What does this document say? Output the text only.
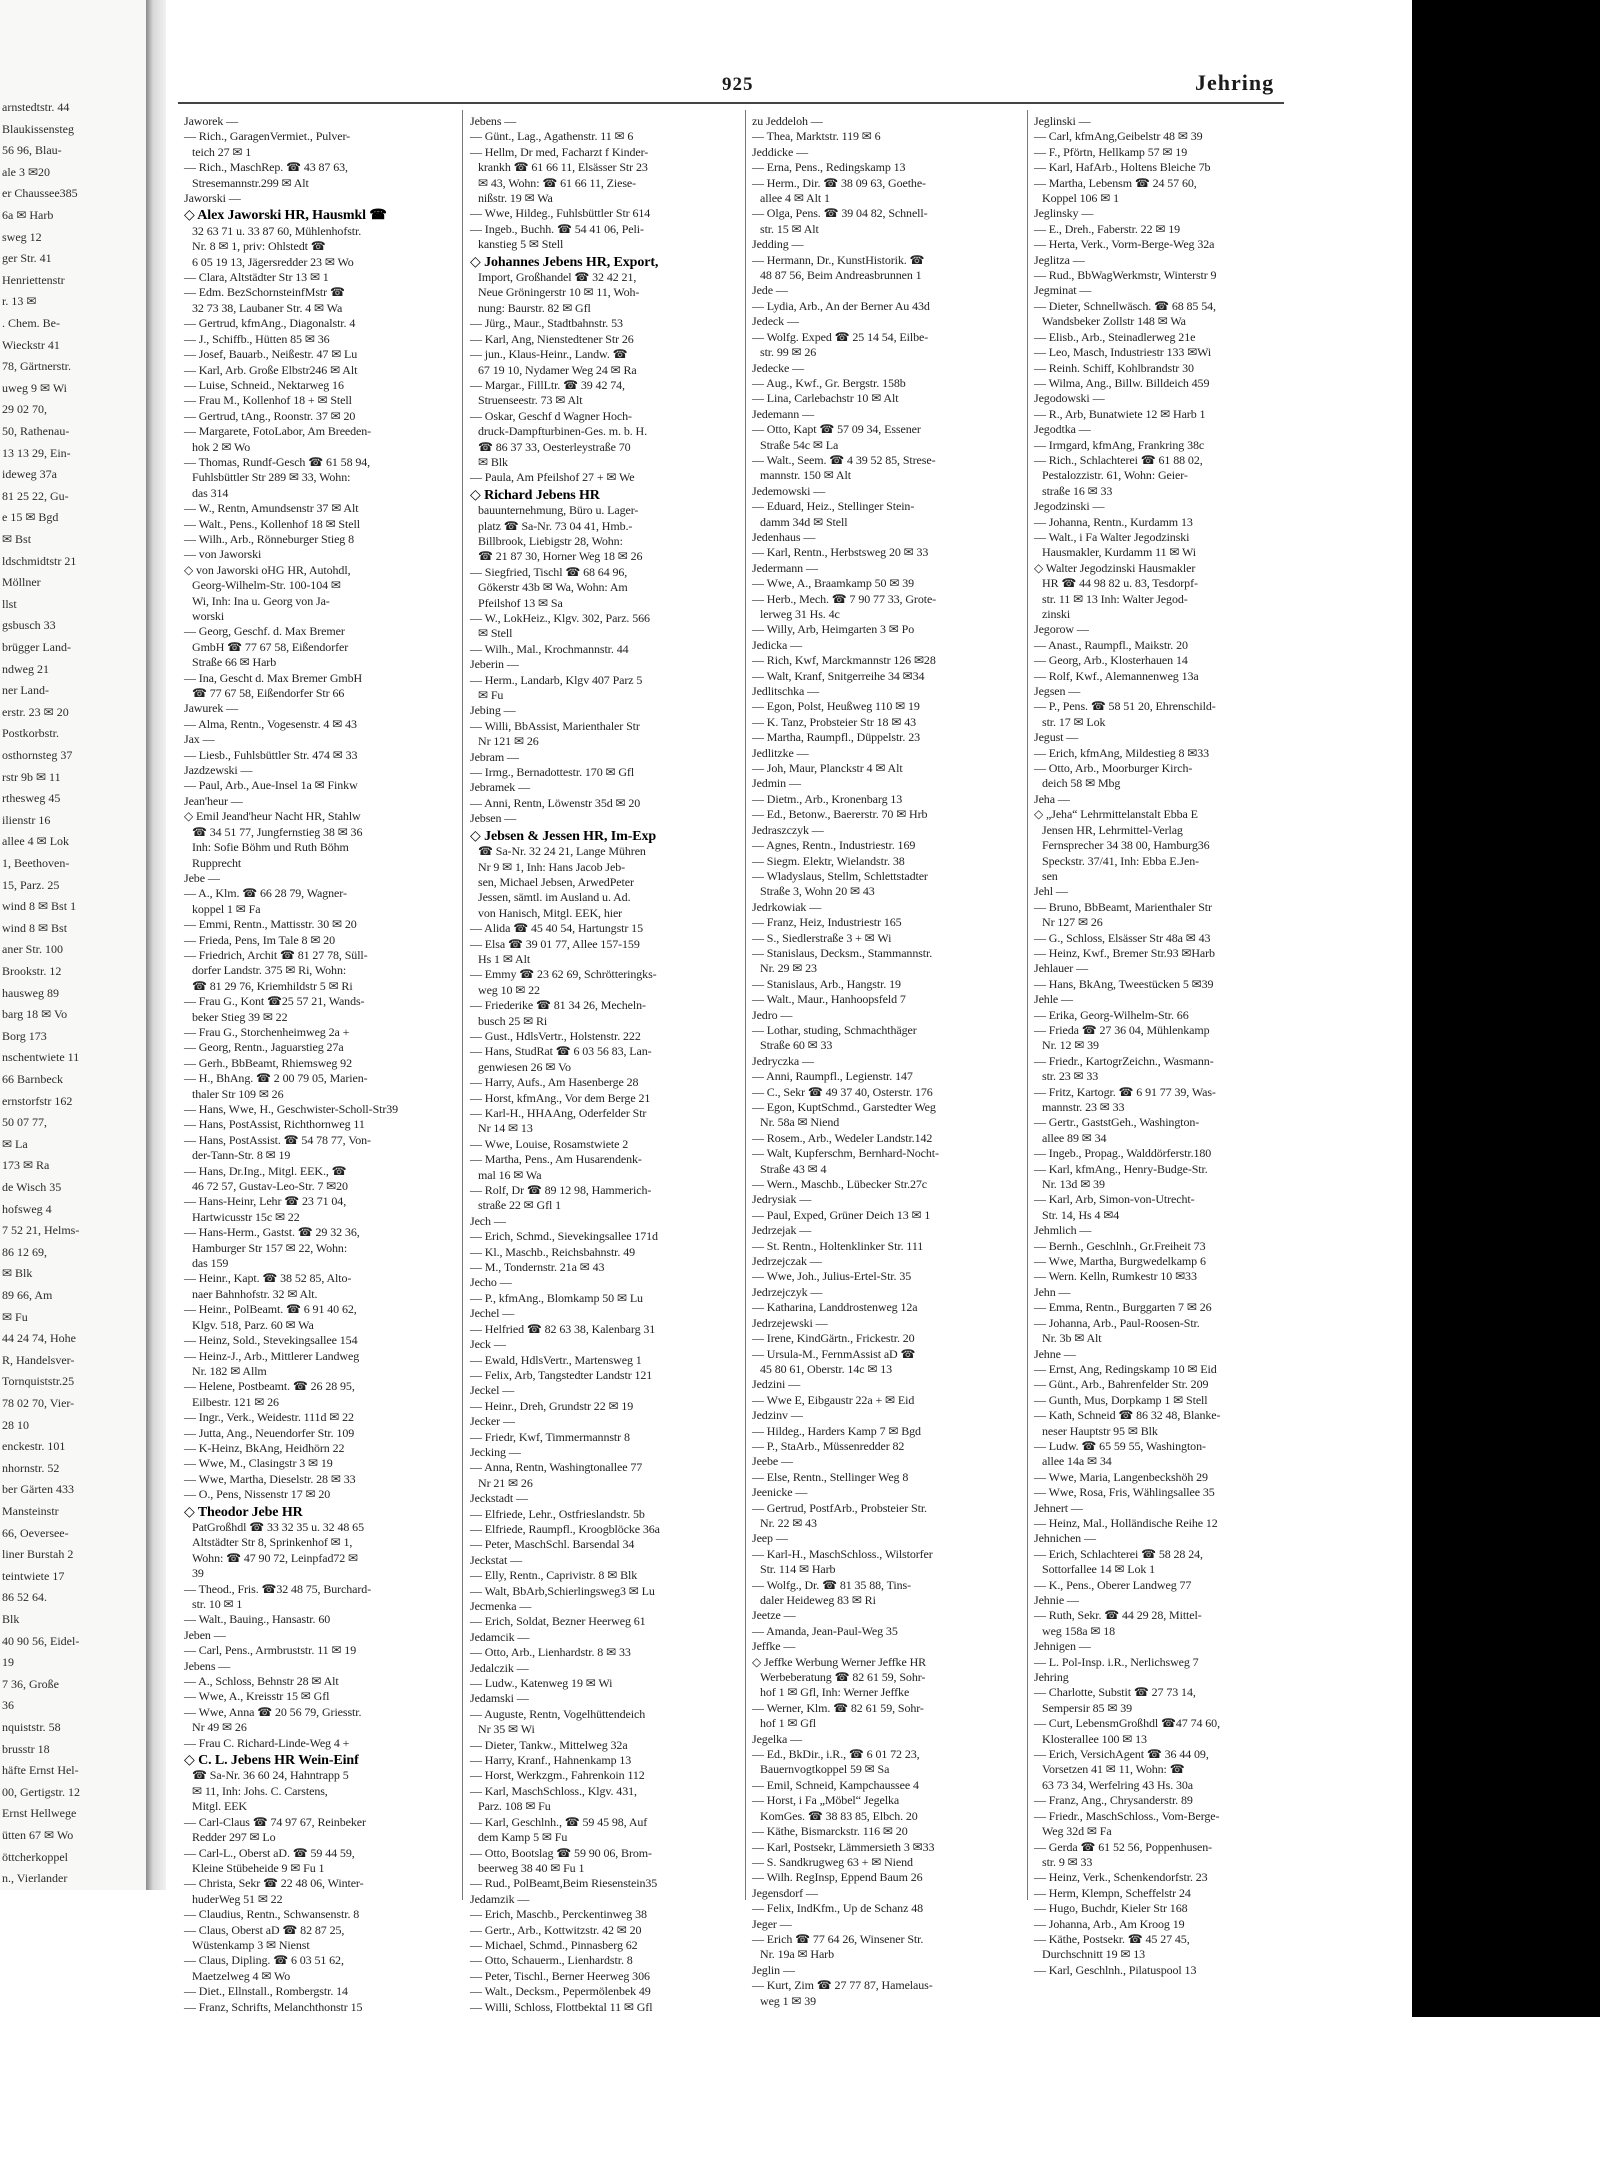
arnstedtstr. 44
Blaukissensteg
56 96, Blau-
ale 3 ✉20
er Chaussee385
6a ✉ Harb
sweg 12
ger Str. 41
Henriettenstr
r. 13 ✉
. Chem. Be-
Wieckstr 41
78, Gärtnerstr.
uweg 9 ✉ Wi
29 02 70,
50, Rathenau-
13 13 29, Ein-
ideweg 37a
81 25 22, Gu-
e 15 ✉ Bgd
✉ Bst
ldschmidtstr 21
Möllner
llst
gsbusch 33
brügger Land-
ndweg 21
ner Land-
erstr. 23 ✉ 20
Postkorbstr.
osthornsteg 37
rstr 9b ✉ 11
rthesweg 45
ilienstr 16
allee 4 ✉ Lok
1, Beethoven-
15, Parz. 25
wind 8 ✉ Bst 1
wind 8 ✉ Bst
aner Str. 100
Brookstr. 12
hausweg 89
barg 18 ✉ Vo
Borg 173
nschentwiete 11
66 Barnbeck
ernstorfstr 162
50 07 77,
✉ La
173 ✉ Ra
de Wisch 35
hofsweg 4
7 52 21, Helms-
86 12 69,
✉ Blk
89 66, Am
✉ Fu
44 24 74, Hohe
R, Handelsver-
Tornquiststr.25
78 02 70, Vier-
28 10
enckestr. 101
nhornstr. 52
ber Gärten 433
Mansteinstr
66, Oeversee-
liner Burstah 2
teintwiete 17
86 52 64.
Blk
40 90 56, Eidel-
19
7 36, Große
36
nquiststr. 58
brusstr 18
häfte Ernst Hel-
00, Gertigstr. 12
Ernst Hellwege
ütten 67 ✉ Wo
öttcherkoppel
n., Vierlander
925	Jehring

Jaworek —

— Rich., GaragenVermiet., Pulver-

teich 27 ✉ 1

— Rich., MaschRep. ☎ 43 87 63,

Stresemannstr.299 ✉ Alt

Jaworski —

◇ Alex Jaworski HR, Hausmkl ☎

32 63 71 u. 33 87 60, Mühlenhofstr.

Nr. 8 ✉ 1, priv: Ohlstedt ☎

6 05 19 13, Jägersredder 23 ✉ Wo

— Clara, Altstädter Str 13 ✉ 1

— Edm. BezSchornsteinfMstr ☎

32 73 38, Laubaner Str. 4 ✉ Wa

— Gertrud, kfmAng., Diagonalstr. 4

— J., Schiffb., Hütten 85 ✉ 36

— Josef, Bauarb., Neißestr. 47 ✉ Lu

— Karl, Arb. Große Elbstr246 ✉ Alt

— Luise, Schneid., Nektarweg 16

— Frau M., Kollenhof 18 + ✉ Stell

— Gertrud, tAng., Roonstr. 37 ✉ 20

— Margarete, FotoLabor, Am Breeden-

hok 2 ✉ Wo

— Thomas, Rundf-Gesch ☎ 61 58 94,

Fuhlsbüttler Str 289 ✉ 33, Wohn:

das 314

— W., Rentn, Amundsenstr 37 ✉ Alt

— Walt., Pens., Kollenhof 18 ✉ Stell

— Wilh., Arb., Rönneburger Stieg 8

— von Jaworski

◇ von Jaworski oHG HR, Autohdl,

Georg-Wilhelm-Str. 100-104 ✉

Wi, Inh: Ina u. Georg von Ja-

worski

— Georg, Geschf. d. Max Bremer

GmbH ☎ 77 67 58, Eißendorfer

Straße 66 ✉ Harb

— Ina, Gescht d. Max Bremer GmbH

☎ 77 67 58, Eißendorfer Str 66

Jawurek —

— Alma, Rentn., Vogesenstr. 4 ✉ 43

Jax —

— Liesb., Fuhlsbüttler Str. 474 ✉ 33

Jazdzewski —

— Paul, Arb., Aue-Insel 1a ✉ Finkw

Jean'heur —

◇ Emil Jeand'heur Nacht HR, Stahlw

☎ 34 51 77, Jungfernstieg 38 ✉ 36

Inh: Sofie Böhm und Ruth Böhm

Rupprecht

Jebe —

— A., Klm. ☎ 66 28 79, Wagner-

koppel 1 ✉ Fa

— Emmi, Rentn., Mattisstr. 30 ✉ 20

— Frieda, Pens, Im Tale 8 ✉ 20

— Friedrich, Archit ☎ 81 27 78, Süll-

dorfer Landstr. 375 ✉ Ri, Wohn:

☎ 81 29 76, Kriemhildstr 5 ✉ Ri

— Frau G., Kont ☎25 57 21, Wands-

beker Stieg 39 ✉ 22

— Frau G., Storchenheimweg 2a +

— Georg, Rentn., Jaguarstieg 27a

— Gerh., BbBeamt, Rhiemsweg 92

— H., BhAng. ☎ 2 00 79 05, Marien-

thaler Str 109 ✉ 26

— Hans, Wwe, H., Geschwister-Scholl-Str39

— Hans, PostAssist, Richthornweg 11

— Hans, PostAssist. ☎ 54 78 77, Von-

der-Tann-Str. 8 ✉ 19

— Hans, Dr.Ing., Mitgl. EEK., ☎

46 72 57, Gustav-Leo-Str. 7 ✉20

— Hans-Heinr, Lehr ☎ 23 71 04,

Hartwicusstr 15c ✉ 22

— Hans-Herm., Gastst. ☎ 29 32 36,

Hamburger Str 157 ✉ 22, Wohn:

das 159

— Heinr., Kapt. ☎ 38 52 85, Alto-

naer Bahnhofstr. 32 ✉ Alt.

— Heinr., PolBeamt. ☎ 6 91 40 62,

Klgv. 518, Parz. 60 ✉ Wa

— Heinz, Sold., Stevekingsallee 154

— Heinz-J., Arb., Mittlerer Landweg

Nr. 182 ✉ Allm

— Helene, Postbeamt. ☎ 26 28 95,

Eilbestr. 121 ✉ 26

— Ingr., Verk., Weidestr. 111d ✉ 22

— Jutta, Ang., Neuendorfer Str. 109

— K-Heinz, BkAng, Heidhörn 22

— Wwe, M., Clasingstr 3 ✉ 19

— Wwe, Martha, Dieselstr. 28 ✉ 33

— O., Pens, Nissenstr 17 ✉ 20

◇ Theodor Jebe HR

PatGroßhdl ☎ 33 32 35 u. 32 48 65

Altstädter Str 8, Sprinkenhof ✉ 1,

Wohn: ☎ 47 90 72, Leinpfad72 ✉

39

— Theod., Fris. ☎32 48 75, Burchard-

str. 10 ✉ 1

— Walt., Bauing., Hansastr. 60

Jeben —

— Carl, Pens., Armbruststr. 11 ✉ 19

Jebens —

— A., Schloss, Behnstr 28 ✉ Alt

— Wwe, A., Kreisstr 15 ✉ Gfl

— Wwe, Anna ☎ 20 56 79, Griesstr.

Nr 49 ✉ 26

— Frau C. Richard-Linde-Weg 4 +

◇ C. L. Jebens HR Wein-Einf

☎ Sa-Nr. 36 60 24, Hahntrapp 5

✉ 11, Inh: Johs. C. Carstens,

Mitgl. EEK

— Carl-Claus ☎ 74 97 67, Reinbeker

Redder 297 ✉ Lo

— Carl-L., Oberst aD. ☎ 59 44 59,

Kleine Stübeheide 9 ✉ Fu 1

— Christa, Sekr ☎ 22 48 06, Winter-

huderWeg 51 ✉ 22

— Claudius, Rentn., Schwansenstr. 8

— Claus, Oberst aD ☎ 82 87 25,

Wüstenkamp 3 ✉ Nienst

— Claus, Dipling. ☎ 6 03 51 62,

Maetzelweg 4 ✉ Wo

— Diet., Ellnstall., Rombergstr. 14

— Franz, Schrifts, Melanchthonstr 15

Jebens —

— Günt., Lag., Agathenstr. 11 ✉ 6

— Hellm, Dr med, Facharzt f Kinder-

krankh ☎ 61 66 11, Elsässer Str 23

✉ 43, Wohn: ☎ 61 66 11, Ziese-

nißstr. 19 ✉ Wa

— Wwe, Hildeg., Fuhlsbüttler Str 614

— Ingeb., Buchh. ☎ 54 41 06, Peli-

kanstieg 5 ✉ Stell

◇ Johannes Jebens HR, Export,

Import, Großhandel ☎ 32 42 21,

Neue Gröningerstr 10 ✉ 11, Woh-

nung: Baurstr. 82 ✉ Gfl

— Jürg., Maur., Stadtbahnstr. 53

— Karl, Ang, Nienstedtener Str 26

— jun., Klaus-Heinr., Landw. ☎

67 19 10, Nydamer Weg 24 ✉ Ra

— Margar., FillLtr. ☎ 39 42 74,

Struenseestr. 73 ✉ Alt

— Oskar, Geschf d Wagner Hoch-

druck-Dampfturbinen-Ges. m. b. H.

☎ 86 37 33, Oesterleystraße 70

✉ Blk

— Paula, Am Pfeilshof 27 + ✉ We

◇ Richard Jebens HR

bauunternehmung, Büro u. Lager-

platz ☎ Sa-Nr. 73 04 41, Hmb.-

Billbrook, Liebigstr 28, Wohn:

☎ 21 87 30, Horner Weg 18 ✉ 26

— Siegfried, Tischl ☎ 68 64 96,

Gökerstr 43b ✉ Wa, Wohn: Am

Pfeilshof 13 ✉ Sa

— W., LokHeiz., Klgv. 302, Parz. 566

✉ Stell

— Wilh., Mal., Krochmannstr. 44

Jeberin —

— Herm., Landarb, Klgv 407 Parz 5

✉ Fu

Jebing —

— Willi, BbAssist, Marienthaler Str

Nr 121 ✉ 26

Jebram —

— Irmg., Bernadottestr. 170 ✉ Gfl

Jebramek —

— Anni, Rentn, Löwenstr 35d ✉ 20

Jebsen —

◇ Jebsen & Jessen HR, Im-Exp

☎ Sa-Nr. 32 24 21, Lange Mühren

Nr 9 ✉ 1, Inh: Hans Jacob Jeb-

sen, Michael Jebsen, ArwedPeter

Jessen, sämtl. im Ausland u. Ad.

von Hanisch, Mitgl. EEK, hier

— Alida ☎ 45 40 54, Hartungstr 15

— Elsa ☎ 39 01 77, Allee 157-159

Hs 1 ✉ Alt

— Emmy ☎ 23 62 69, Schrötteringks-

weg 10 ✉ 22

— Friederike ☎ 81 34 26, Mecheln-

busch 25 ✉ Ri

— Gust., HdlsVertr., Holstenstr. 222

— Hans, StudRat ☎ 6 03 56 83, Lan-

genwiesen 26 ✉ Vo

— Harry, Aufs., Am Hasenberge 28

— Horst, kfmAng., Vor dem Berge 21

— Karl-H., HHAAng, Oderfelder Str

Nr 14 ✉ 13

— Wwe, Louise, Rosamstwiete 2

— Martha, Pens., Am Husarendenk-

mal 16 ✉ Wa

— Rolf, Dr ☎ 89 12 98, Hammerich-

straße 22 ✉ Gfl 1

Jech —

— Erich, Schmd., Sievekingsallee 171d

— Kl., Maschb., Reichsbahnstr. 49

— M., Tondernstr. 21a ✉ 43

Jecho —

— P., kfmAng., Blomkamp 50 ✉ Lu

Jechel —

— Helfried ☎ 82 63 38, Kalenbarg 31

Jeck —

— Ewald, HdlsVertr., Martensweg 1

— Felix, Arb, Tangstedter Landstr 121

Jeckel —

— Heinr., Dreh, Grundstr 22 ✉ 19

Jecker —

— Friedr, Kwf, Timmermannstr 8

Jecking —

— Anna, Rentn, Washingtonallee 77

Nr 21 ✉ 26

Jeckstadt —

— Elfriede, Lehr., Ostfrieslandstr. 5b

— Elfriede, Raumpfl., Kroogblöcke 36a

— Peter, MaschSchl. Barsendal 34

Jeckstat —

— Elly, Rentn., Caprivistr. 8 ✉ Blk

— Walt, BbArb,Schierlingsweg3 ✉ Lu

Jecmenka —

— Erich, Soldat, Bezner Heerweg 61

Jedamcik —

— Otto, Arb., Lienhardstr. 8 ✉ 33

Jedalczik —

— Ludw., Katenweg 19 ✉ Wi

Jedamski —

— Auguste, Rentn, Vogelhüttendeich

Nr 35 ✉ Wi

— Dieter, Tankw., Mittelweg 32a

— Harry, Kranf., Hahnenkamp 13

— Horst, Werkzgm., Fahrenkoin 112

— Karl, MaschSchloss., Klgv. 431,

Parz. 108 ✉ Fu

— Karl, Geschlnh., ☎ 59 45 98, Auf

dem Kamp 5 ✉ Fu

— Otto, Bootslag ☎ 59 90 06, Brom-

beerweg 38 40 ✉ Fu 1

— Rud., PolBeamt,Beim Riesenstein35

Jedamzik —

— Erich, Maschb., Perckentinweg 38

— Gertr., Arb., Kottwitzstr. 42 ✉ 20

— Michael, Schmd., Pinnasberg 62

— Otto, Schauerm., Lienhardstr. 8

— Peter, Tischl., Berner Heerweg 306

— Walt., Decksm., Pepermölenbek 49

— Willi, Schloss, Flottbektal 11 ✉ Gfl

zu Jeddeloh —

— Thea, Marktstr. 119 ✉ 6

Jeddicke —

— Erna, Pens., Redingskamp 13

— Herm., Dir. ☎ 38 09 63, Goethe-

allee 4 ✉ Alt 1

— Olga, Pens. ☎ 39 04 82, Schnell-

str. 15 ✉ Alt

Jedding —

— Hermann, Dr., KunstHistorik. ☎

48 87 56, Beim Andreasbrunnen 1

Jede —

— Lydia, Arb., An der Berner Au 43d

Jedeck —

— Wolfg. Exped ☎ 25 14 54, Eilbe-

str. 99 ✉ 26

Jedecke —

— Aug., Kwf., Gr. Bergstr. 158b

— Lina, Carlebachstr 10 ✉ Alt

Jedemann —

— Otto, Kapt ☎ 57 09 34, Essener

Straße 54c ✉ La

— Walt., Seem. ☎ 4 39 52 85, Strese-

mannstr. 150 ✉ Alt

Jedemowski —

— Eduard, Heiz., Stellinger Stein-

damm 34d ✉ Stell

Jedenhaus —

— Karl, Rentn., Herbstsweg 20 ✉ 33

Jedermann —

— Wwe, A., Braamkamp 50 ✉ 39

— Herb., Mech. ☎ 7 90 77 33, Grote-

lerweg 31 Hs. 4c

— Willy, Arb, Heimgarten 3 ✉ Po

Jedicka —

— Rich, Kwf, Marckmannstr 126 ✉28

— Walt, Kranf, Snitgerreihe 34 ✉34

Jedlitschka —

— Egon, Polst, Heußweg 110 ✉ 19

— K. Tanz, Probsteier Str 18 ✉ 43

— Martha, Raumpfl., Düppelstr. 23

Jedlitzke —

— Joh, Maur, Planckstr 4 ✉ Alt

Jedmin —

— Dietm., Arb., Kronenbarg 13

— Ed., Betonw., Baererstr. 70 ✉ Hrb

Jedraszczyk —

— Agnes, Rentn., Industriestr. 169

— Siegm. Elektr, Wielandstr. 38

— Wladyslaus, Stellm, Schlettstadter

Straße 3, Wohn 20 ✉ 43

Jedrkowiak —

— Franz, Heiz, Industriestr 165

— S., Siedlerstraße 3 + ✉ Wi

— Stanislaus, Decksm., Stammannstr.

Nr. 29 ✉ 23

— Stanislaus, Arb., Hangstr. 19

— Walt., Maur., Hanhoopsfeld 7

Jedro —

— Lothar, studing, Schmachthäger

Straße 60 ✉ 33

Jedryczka —

— Anni, Raumpfl., Legienstr. 147

— C., Sekr ☎ 49 37 40, Osterstr. 176

— Egon, KuptSchmd., Garstedter Weg

Nr. 58a ✉ Niend

— Rosem., Arb., Wedeler Landstr.142

— Walt, Kupferschm, Bernhard-Nocht-

Straße 43 ✉ 4

— Wern., Maschb., Lübecker Str.27c

Jedrysiak —

— Paul, Exped, Grüner Deich 13 ✉ 1

Jedrzejak —

— St. Rentn., Holtenklinker Str. 111

Jedrzejczak —

— Wwe, Joh., Julius-Ertel-Str. 35

Jedrzejczyk —

— Katharina, Landdrostenweg 12a

Jedrzejewski —

— Irene, KindGärtn., Frickestr. 20

— Ursula-M., FernmAssist aD ☎

45 80 61, Oberstr. 14c ✉ 13

Jedzini —

— Wwe E, Eibgaustr 22a + ✉ Eid

Jedzinv —

— Hildeg., Harders Kamp 7 ✉ Bgd

— P., StaArb., Müssenredder 82

Jeebe —

— Else, Rentn., Stellinger Weg 8

Jeenicke —

— Gertrud, PostfArb., Probsteier Str.

Nr. 22 ✉ 43

Jeep —

— Karl-H., MaschSchloss., Wilstorfer

Str. 114 ✉ Harb

— Wolfg., Dr. ☎ 81 35 88, Tins-

daler Heideweg 83 ✉ Ri

Jeetze —

— Amanda, Jean-Paul-Weg 35

Jeffke —

◇ Jeffke Werbung Werner Jeffke HR

Werbeberatung ☎ 82 61 59, Sohr-

hof 1 ✉ Gfl, Inh: Werner Jeffke

— Werner, Klm. ☎ 82 61 59, Sohr-

hof 1 ✉ Gfl

Jegelka —

— Ed., BkDir., i.R., ☎ 6 01 72 23,

Bauernvogtkoppel 59 ✉ Sa

— Emil, Schneid, Kampchaussee 4

— Horst, i Fa „Möbel“ Jegelka

KomGes. ☎ 38 83 85, Elbch. 20

— Käthe, Bismarckstr. 116 ✉ 20

— Karl, Postsekr, Lämmersieth 3 ✉33

— S. Sandkrugweg 63 + ✉ Niend

— Wilh. RegInsp, Eppend Baum 26

Jegensdorf —

— Felix, IndKfm., Up de Schanz 48

Jeger —

— Erich ☎ 77 64 26, Winsener Str.

Nr. 19a ✉ Harb

Jeglin —

— Kurt, Zim ☎ 27 77 87, Hamelaus-

weg 1 ✉ 39

Jeglinski —

— Carl, kfmAng,Geibelstr 48 ✉ 39

— F., Pförtn, Hellkamp 57 ✉ 19

— Karl, HafArb., Holtens Bleiche 7b

— Martha, Lebensm ☎ 24 57 60,

Koppel 106 ✉ 1

Jeglinsky —

— E., Dreh., Faberstr. 22 ✉ 19

— Herta, Verk., Vorm-Berge-Weg 32a

Jeglitza —

— Rud., BbWagWerkmstr, Winterstr 9

Jegminat —

— Dieter, Schnellwäsch. ☎ 68 85 54,

Wandsbeker Zollstr 148 ✉ Wa

— Elisb., Arb., Steinadlerweg 21e

— Leo, Masch, Industriestr 133 ✉Wi

— Reinh. Schiff, Kohlbrandstr 30

— Wilma, Ang., Billw. Billdeich 459

Jegodowski —

— R., Arb, Bunatwiete 12 ✉ Harb 1

Jegodtka —

— Irmgard, kfmAng, Frankring 38c

— Rich., Schlachterei ☎ 61 88 02,

Pestalozzistr. 61, Wohn: Geier-

straße 16 ✉ 33

Jegodzinski —

— Johanna, Rentn., Kurdamm 13

— Walt., i Fa Walter Jegodzinski

Hausmakler, Kurdamm 11 ✉ Wi

◇ Walter Jegodzinski Hausmakler

HR ☎ 44 98 82 u. 83, Tesdorpf-

str. 11 ✉ 13 Inh: Walter Jegod-

zinski

Jegorow —

— Anast., Raumpfl., Maikstr. 20

— Georg, Arb., Klosterhauen 14

— Rolf, Kwf., Alemannenweg 13a

Jegsen —

— P., Pens. ☎ 58 51 20, Ehrenschild-

str. 17 ✉ Lok

Jegust —

— Erich, kfmAng, Mildestieg 8 ✉33

— Otto, Arb., Moorburger Kirch-

deich 58 ✉ Mbg

Jeha —

◇ „Jeha“ Lehrmittelanstalt Ebba E

Jensen HR, Lehrmittel-Verlag

Fernsprecher 34 38 00, Hamburg36

Speckstr. 37/41, Inh: Ebba E.Jen-

sen

Jehl —

— Bruno, BbBeamt, Marienthaler Str

Nr 127 ✉ 26

— G., Schloss, Elsässer Str 48a ✉ 43

— Heinz, Kwf., Bremer Str.93 ✉Harb

Jehlauer —

— Hans, BkAng, Tweestücken 5 ✉39

Jehle —

— Erika, Georg-Wilhelm-Str. 66

— Frieda ☎ 27 36 04, Mühlenkamp

Nr. 12 ✉ 39

— Friedr., KartogrZeichn., Wasmann-

str. 23 ✉ 33

— Fritz, Kartogr. ☎ 6 91 77 39, Was-

mannstr. 23 ✉ 33

— Gertr., GaststGeh., Washington-

allee 89 ✉ 34

— Ingeb., Propag., Walddörferstr.180

— Karl, kfmAng., Henry-Budge-Str.

Nr. 13d ✉ 39

— Karl, Arb, Simon-von-Utrecht-

Str. 14, Hs 4 ✉4

Jehmlich —

— Bernh., Geschlnh., Gr.Freiheit 73

— Wwe, Martha, Burgwedelkamp 6

— Wern. Kelln, Rumkestr 10 ✉33

Jehn —

— Emma, Rentn., Burggarten 7 ✉ 26

— Johanna, Arb., Paul-Roosen-Str.

Nr. 3b ✉ Alt

Jehne —

— Ernst, Ang, Redingskamp 10 ✉ Eid

— Günt., Arb., Bahrenfelder Str. 209

— Gunth, Mus, Dorpkamp 1 ✉ Stell

— Kath, Schneid ☎ 86 32 48, Blanke-

neser Hauptstr 95 ✉ Blk

— Ludw. ☎ 65 59 55, Washington-

allee 14a ✉ 34

— Wwe, Maria, Langenbeckshöh 29

— Wwe, Rosa, Fris, Wählingsallee 35

Jehnert —

— Heinz, Mal., Holländische Reihe 12

Jehnichen —

— Erich, Schlachterei ☎ 58 28 24,

Sottorfallee 14 ✉ Lok 1

— K., Pens., Oberer Landweg 77

Jehnie —

— Ruth, Sekr. ☎ 44 29 28, Mittel-

weg 158a ✉ 18

Jehnigen —

— L. Pol-Insp. i.R., Nerlichsweg 7

Jehring

— Charlotte, Substit ☎ 27 73 14,

Sempersir 85 ✉ 39

— Curt, LebensmGroßhdl ☎47 74 60,

Klosterallee 100 ✉ 13

— Erich, VersichAgent ☎ 36 44 09,

Vorsetzen 41 ✉ 11, Wohn: ☎

63 73 34, Werfelring 43 Hs. 30a

— Franz, Ang., Chrysanderstr. 89

— Friedr., MaschSchloss., Vom-Berge-

Weg 32d ✉ Fa

— Gerda ☎ 61 52 56, Poppenhusen-

str. 9 ✉ 33

— Heinz, Verk., Schenkendorfstr. 23

— Herm, Klempn, Scheffelstr 24

— Hugo, Buchdr, Kieler Str 168

— Johanna, Arb., Am Kroog 19

— Käthe, Postsekr. ☎ 45 27 45,

Durchschnitt 19 ✉ 13

— Karl, Geschlnh., Pilatuspool 13
